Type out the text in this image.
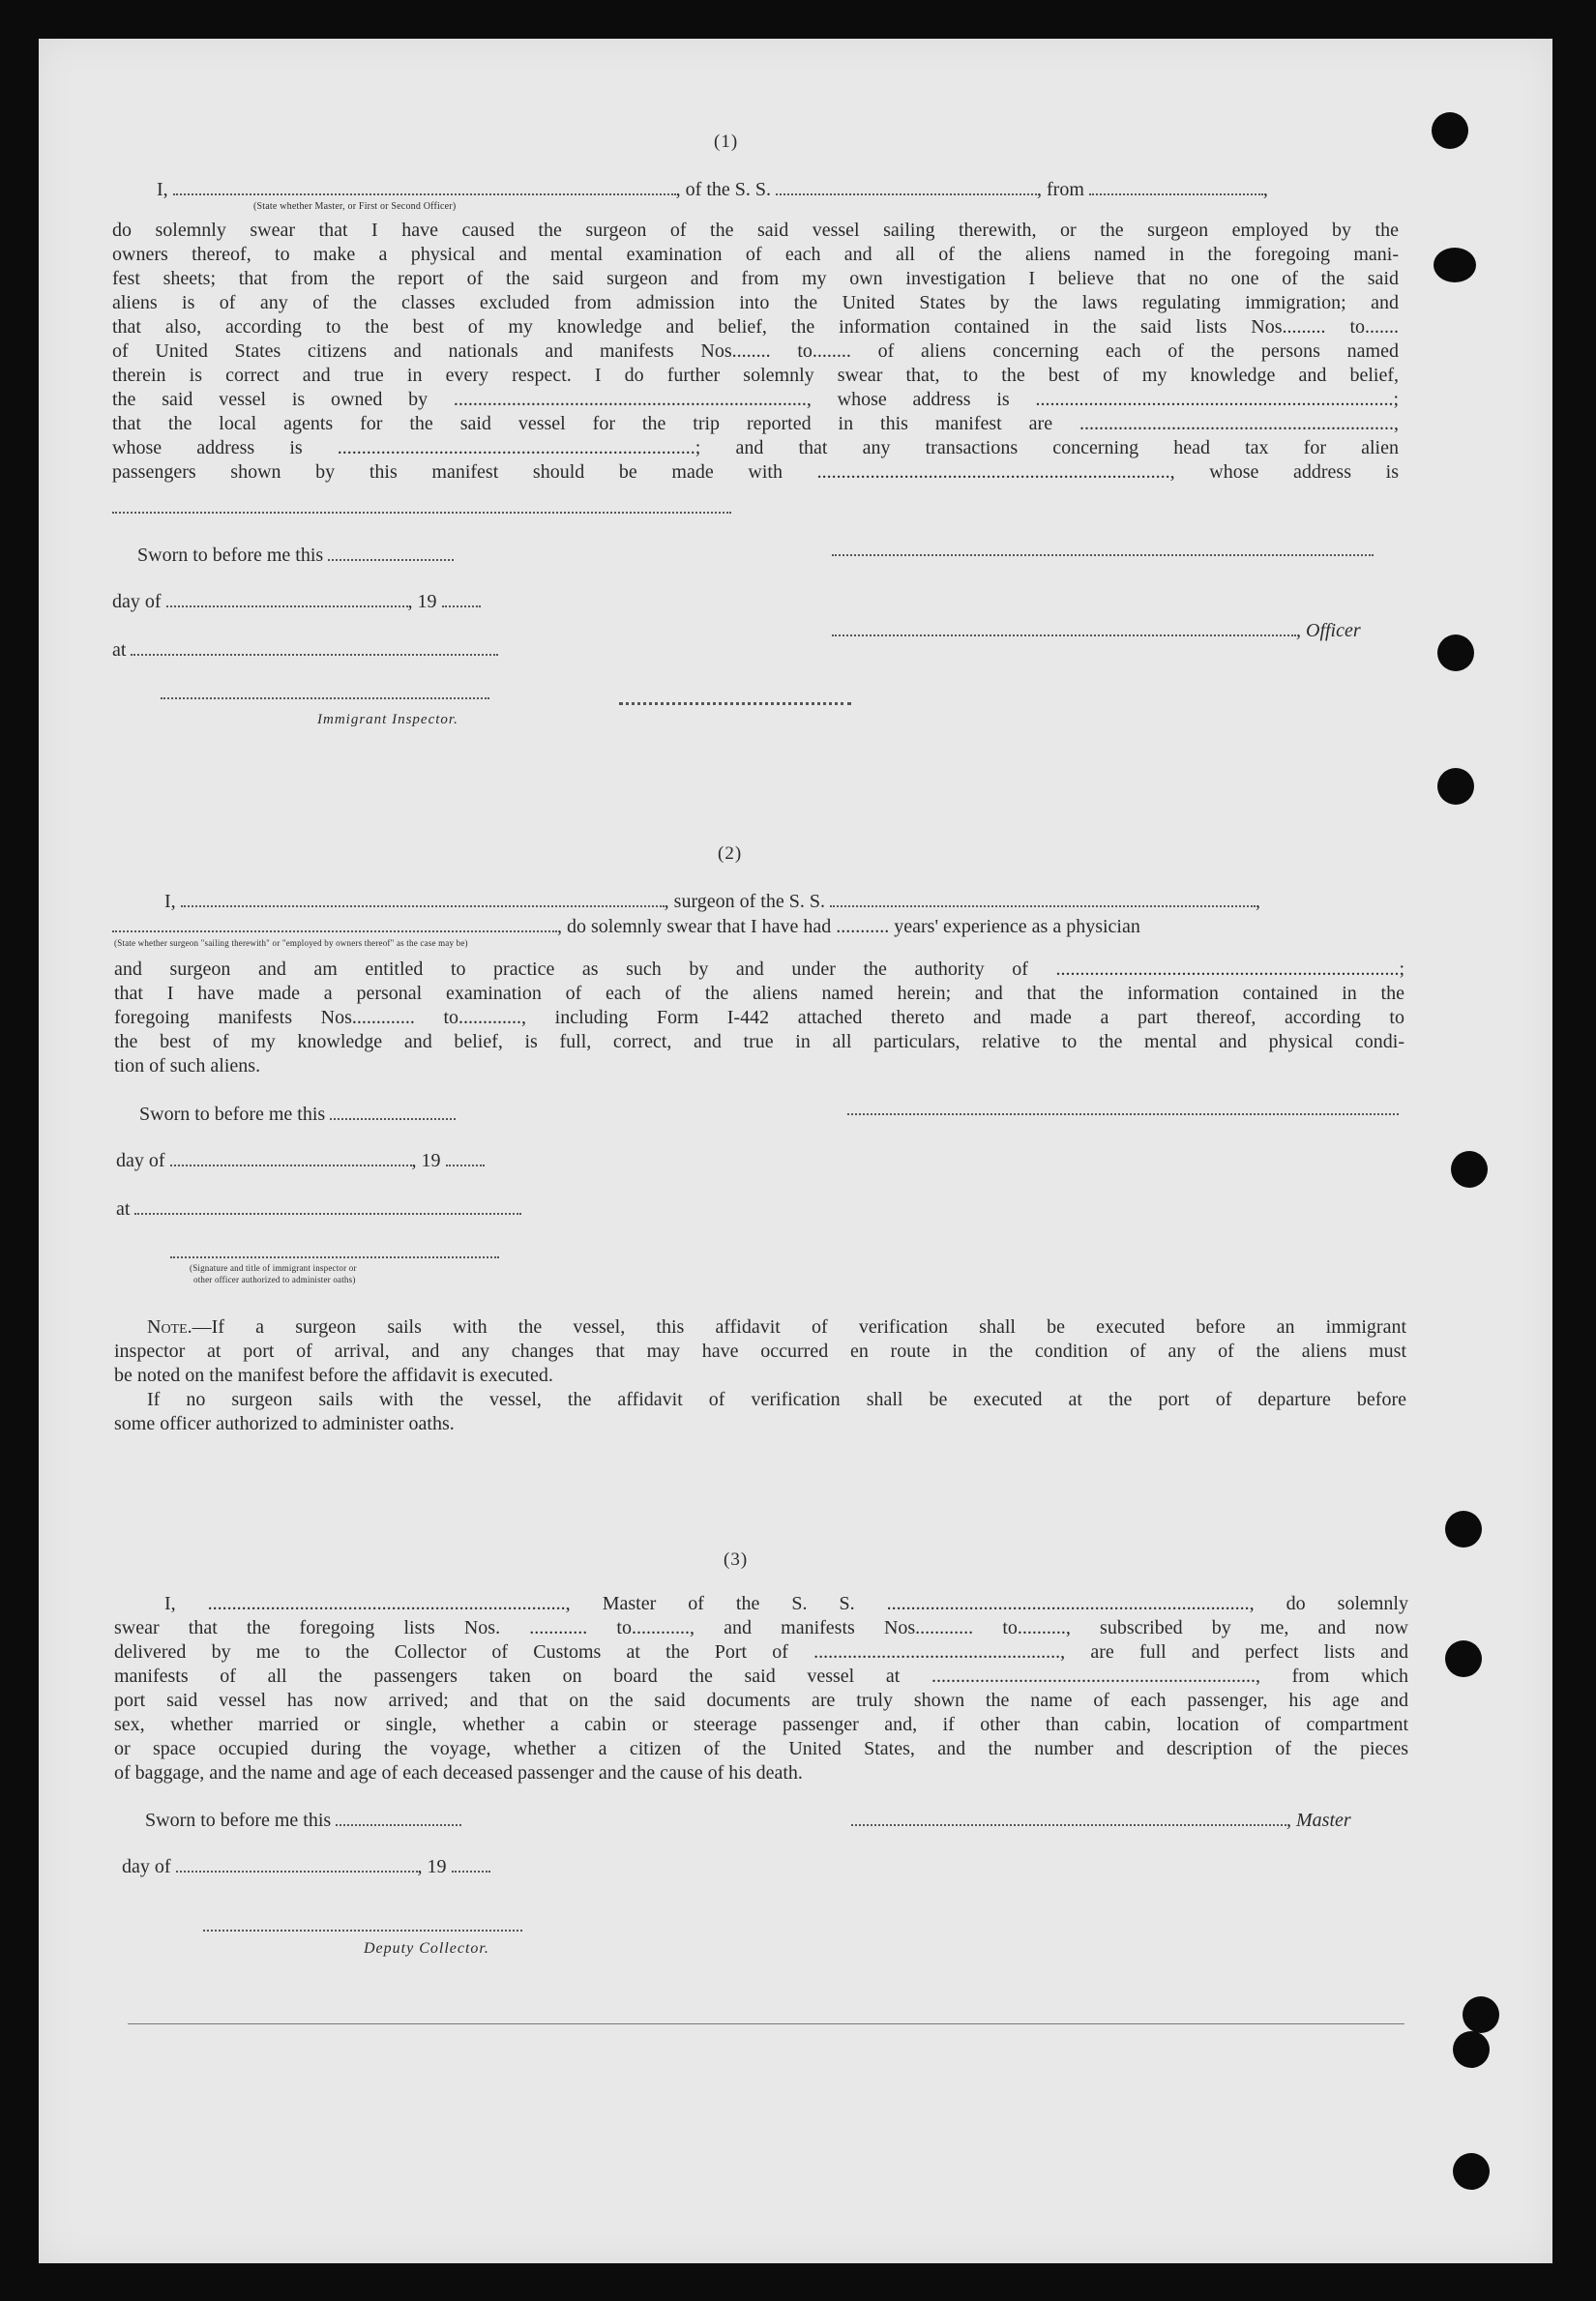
(1)
I,	, of the S. S.	, from	,
(State whether Master, or First or Second Officer)
do solemnly swear that I have caused the surgeon of the said vessel sailing therewith, or the surgeon employed by the
owners thereof, to make a physical and mental examination of each and all of the aliens named in the foregoing mani-
fest sheets; that from the report of the said surgeon and from my own investigation I believe that no one of the said
aliens is of any of the classes excluded from admission into the United States by the laws regulating immigration; and
that also, according to the best of my knowledge and belief, the information contained in the said lists Nos......... to.......
of United States citizens and nationals and manifests Nos........ to........ of aliens concerning each of the persons named
therein is correct and true in every respect. I do further solemnly swear that, to the best of my knowledge and belief,
the said vessel is owned by ........................................................................., whose address is ..........................................................................;
that the local agents for the said vessel for the trip reported in this manifest are .................................................................,
whose address is ..........................................................................; and that any transactions concerning head tax for alien
passengers shown by this manifest should be made with ........................................................................., whose address is
Sworn to before me this
day of	, 19
, Officer
at
Immigrant Inspector.
(2)
I,	, surgeon of the S. S.	,
, do solemnly swear that I have had ........... years' experience as a physician
(State whether surgeon "sailing therewith" or "employed by owners thereof" as the case may be)
and surgeon and am entitled to practice as such by and under the authority of .......................................................................;
that I have made a personal examination of each of the aliens named herein; and that the information contained in the
foregoing manifests Nos............. to............., including Form I-442 attached thereto and made a part thereof, according to
the best of my knowledge and belief, is full, correct, and true in all particulars, relative to the mental and physical condi-
tion of such aliens.
Sworn to before me this
day of	, 19
at
(Signature and title of immigrant inspector or
other officer authorized to administer oaths)
Note.—If a surgeon sails with the vessel, this affidavit of verification shall be executed before an immigrant
inspector at port of arrival, and any changes that may have occurred en route in the condition of any of the aliens must
be noted on the manifest before the affidavit is executed.
If no surgeon sails with the vessel, the affidavit of verification shall be executed at the port of departure before
some officer authorized to administer oaths.
(3)
I, .........................................................................., Master of the S. S. ..........................................................................., do solemnly
swear that the foregoing lists Nos. ............ to............, and manifests Nos............ to.........., subscribed by me, and now
delivered by me to the Collector of Customs at the Port of ..................................................., are full and perfect lists and
manifests of all the passengers taken on board the said vessel at ..................................................................., from which
port said vessel has now arrived; and that on the said documents are truly shown the name of each passenger, his age and
sex, whether married or single, whether a cabin or steerage passenger and, if other than cabin, location of compartment
or space occupied during the voyage, whether a citizen of the United States, and the number and description of the pieces
of baggage, and the name and age of each deceased passenger and the cause of his death.
Sworn to before me this	, Master
day of	, 19
Deputy Collector.
